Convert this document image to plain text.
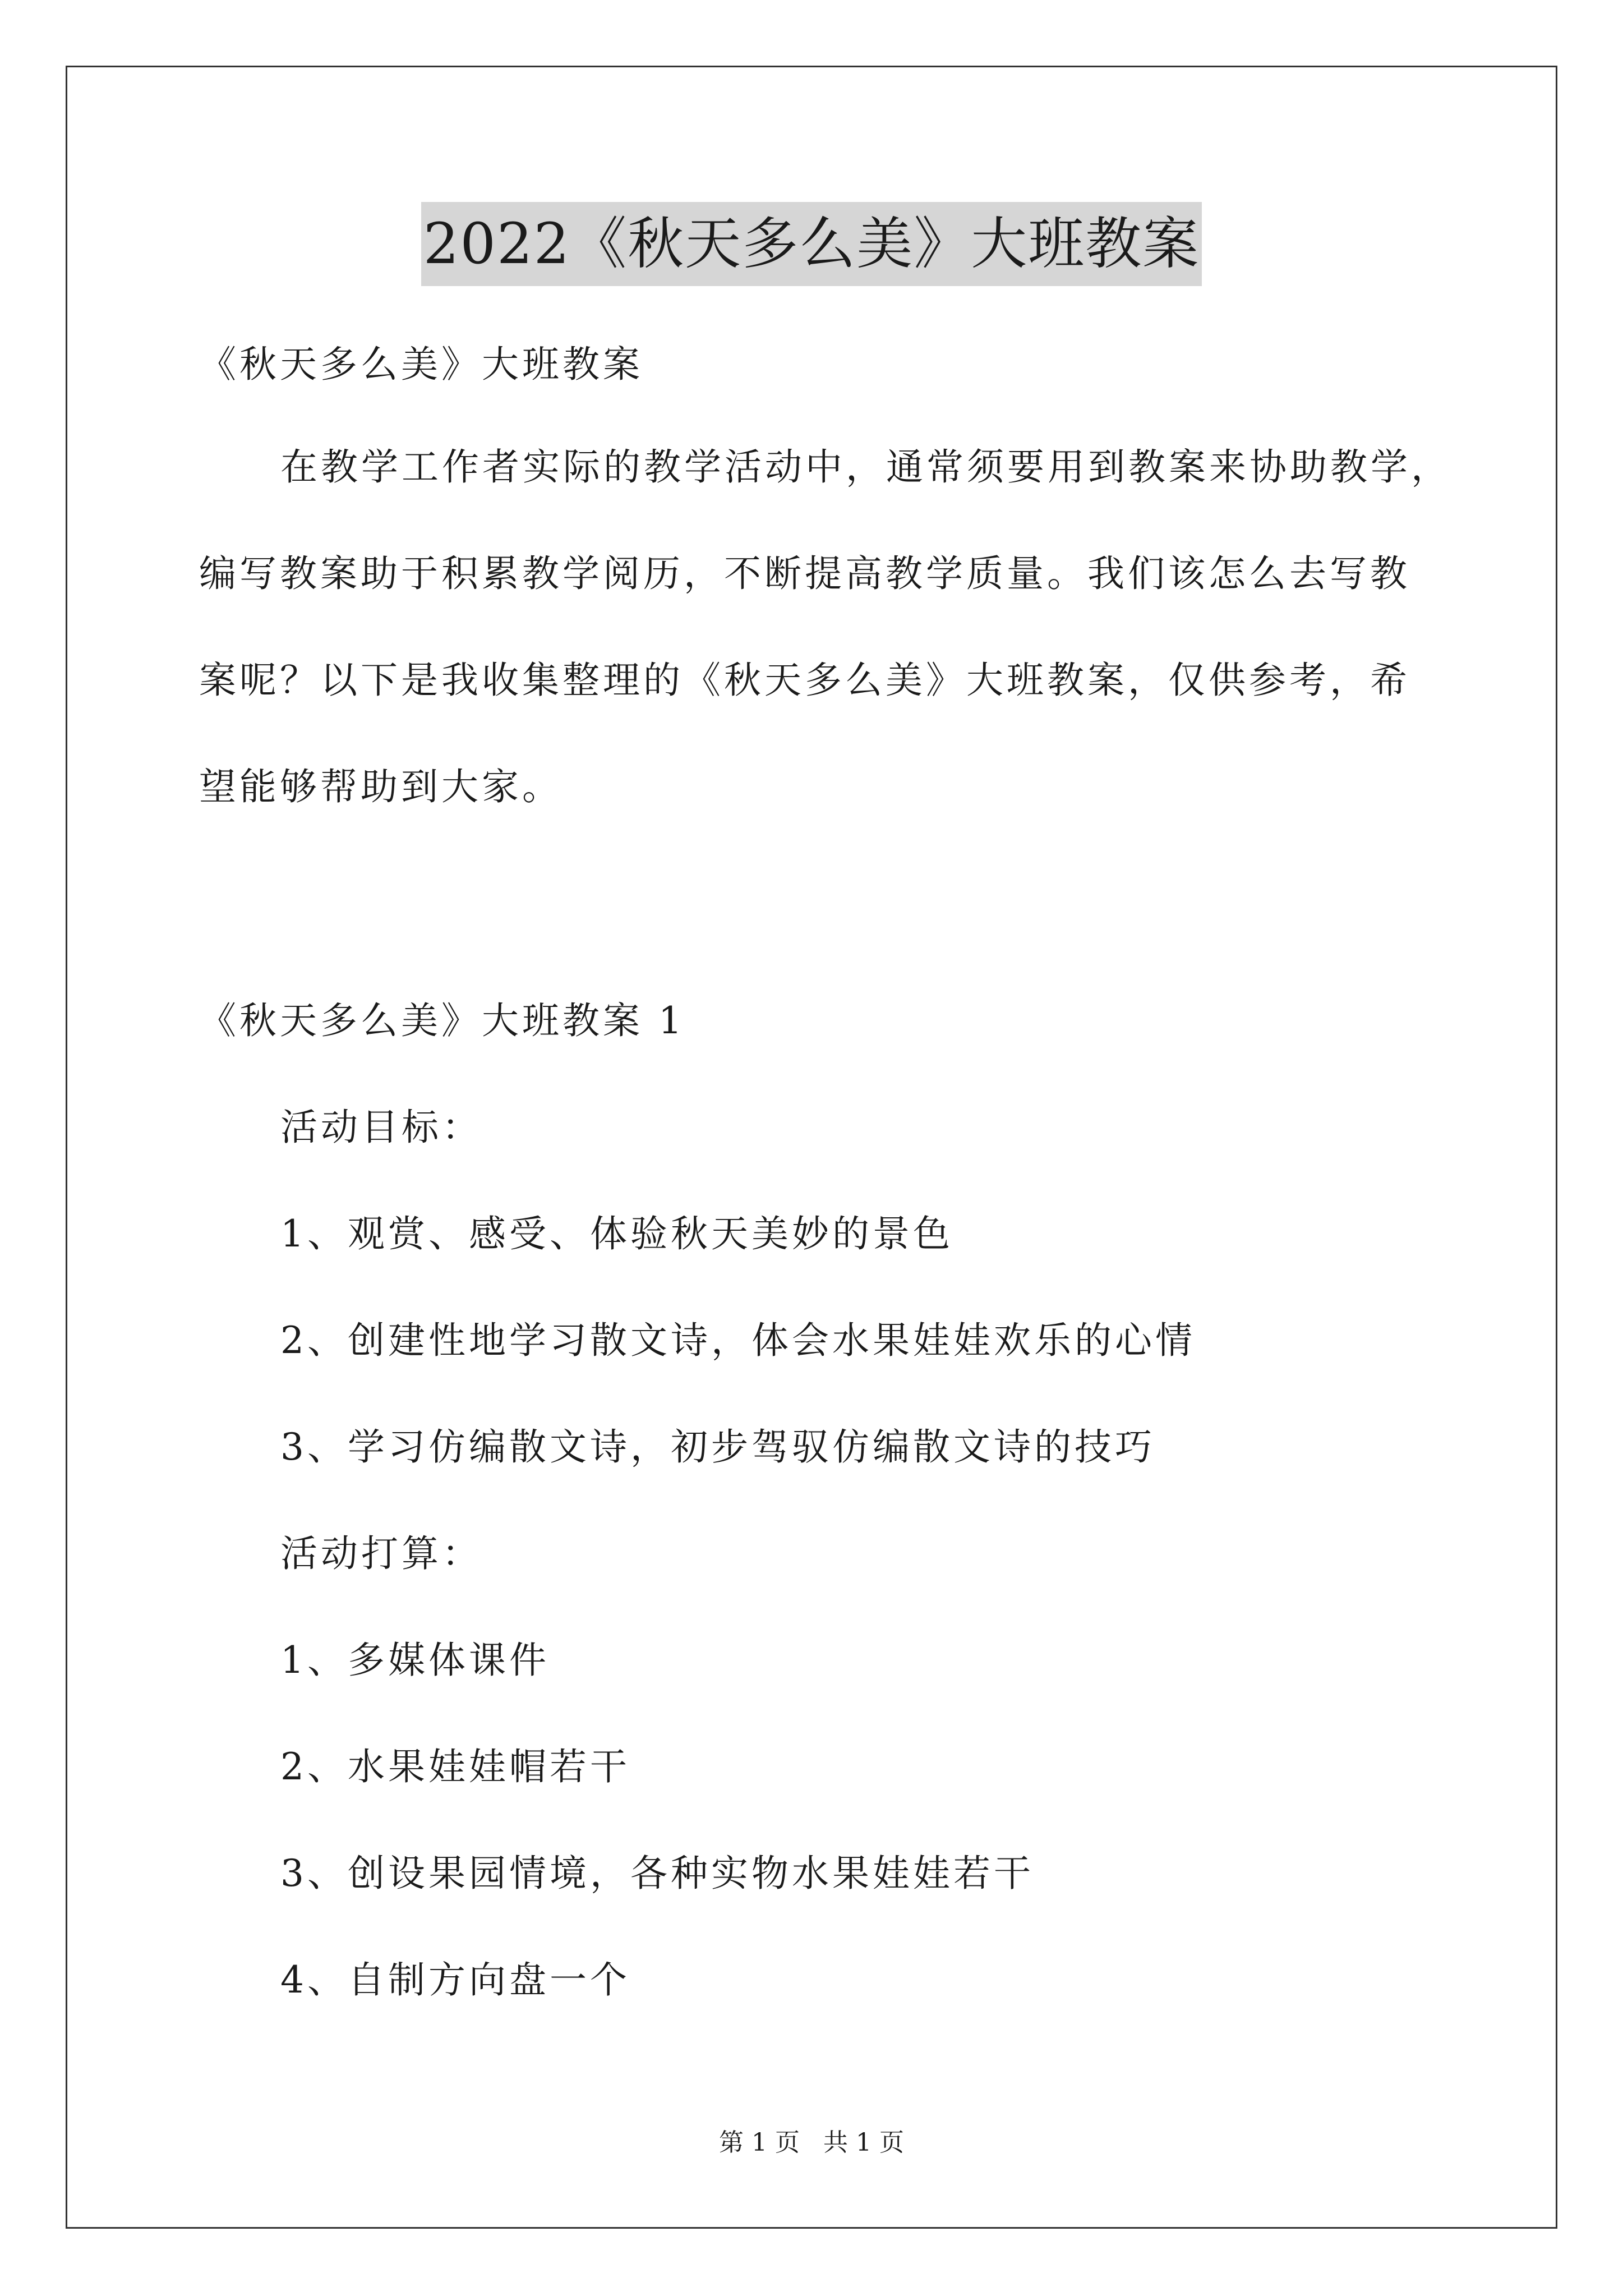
2022《秋天多么美》大班教案
《秋天多么美》大班教案
在教学工作者实际的教学活动中，通常须要用到教案来协助教学，
编写教案助于积累教学阅历，不断提高教学质量。我们该怎么去写教
案呢？以下是我收集整理的《秋天多么美》大班教案，仅供参考，希
望能够帮助到大家。
《秋天多么美》大班教案 1
活动目标：
1、观赏、感受、体验秋天美妙的景色
2、创建性地学习散文诗，体会水果娃娃欢乐的心情
3、学习仿编散文诗，初步驾驭仿编散文诗的技巧
活动打算：
1、多媒体课件
2、水果娃娃帽若干
3、创设果园情境，各种实物水果娃娃若干
4、自制方向盘一个
第 1 页   共 1 页
